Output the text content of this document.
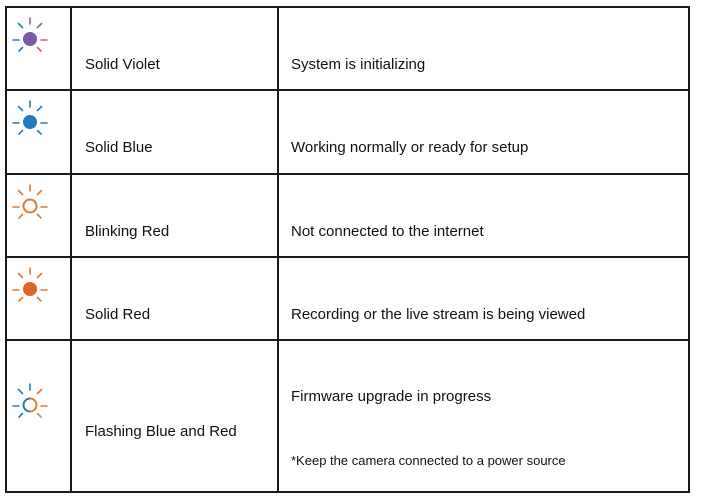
Solid Violet	System is initializing

Solid Blue	Working normally or ready for setup

Blinking Red	Not connected to the internet

Solid Red	Recording or the live stream is being viewed

Flashing Blue and Red	Firmware upgrade in progress
*Keep the camera connected to a power source
